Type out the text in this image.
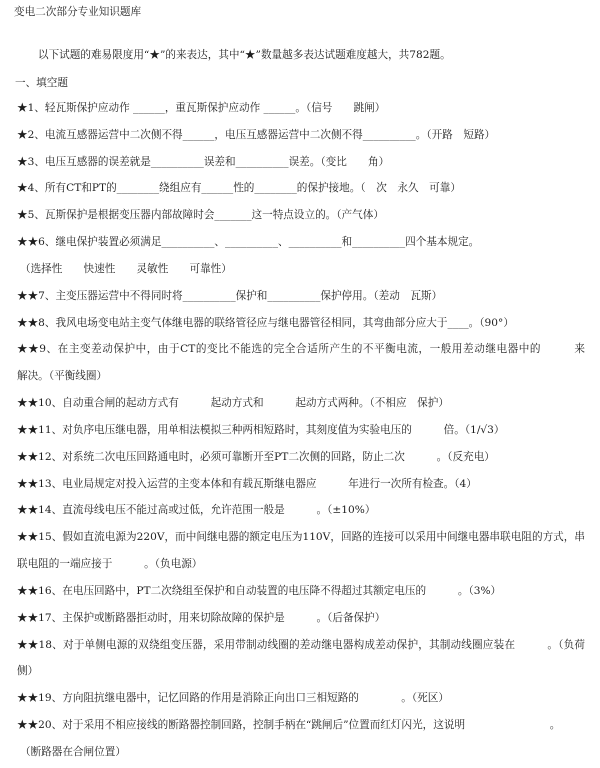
变电二次部分专业知识题库
以下试题的难易限度用“★”的来表达，其中“★”数量越多表达试题难度越大，共782题。
一、填空题
★1、轻瓦斯保护应动作 ______，重瓦斯保护应动作 ______。（信号　　跳闸）
★2、电流互感器运营中二次侧不得______，电压互感器运营中二次侧不得__________。（开路　短路）
★3、电压互感器的误差就是__________误差和__________误差。（变比　　角）
★4、所有CT和PT的________绕组应有______性的________的保护接地。（　次　永久　可靠）
★5、瓦斯保护是根据变压器内部故障时会_______这一特点设立的。（产气体）
★★6、继电保护装置必须满足__________、__________、__________和__________四个基本规定。
（选择性　　快速性　　灵敏性　　可靠性）
★★7、主变压器运营中不得同时将__________保护和__________保护停用。（差动　瓦斯）
★★8、我风电场变电站主变气体继电器的联络管径应与继电器管径相同，其弯曲部分应大于____。（90°）
★★9、在主变差动保护中，由于CT的变比不能选的完全合适所产生的不平衡电流，一般用差动继电器中的　　　来
解决。（平衡线圈）
★★10、自动重合闸的起动方式有　　　起动方式和　　　起动方式两种。（不相应　保护）
★★11、对负序电压继电器，用单相法模拟三种两相短路时，其刻度值为实验电压的　　　倍。（1/√3）
★★12、对系统二次电压回路通电时，必须可靠断开至PT二次侧的回路，防止二次　　　。（反充电）
★★13、电业局规定对投入运营的主变本体和有载瓦斯继电器应　　　年进行一次所有检查。（4）
★★14、直流母线电压不能过高或过低，允许范围一般是　　　。（±10%）
★★15、假如直流电源为220V，而中间继电器的额定电压为110V，回路的连接可以采用中间继电器串联电阻的方式，串
联电阻的一端应接于　　　。（负电源）
★★16、在电压回路中，PT二次绕组至保护和自动装置的电压降不得超过其额定电压的　　　。（3%）
★★17、主保护或断路器拒动时，用来切除故障的保护是　　　。（后备保护）
★★18、对于单侧电源的双绕组变压器，采用带制动线圈的差动继电器构成差动保护，其制动线圈应装在　　　。（负荷
侧）
★★19、方向阻抗继电器中，记忆回路的作用是消除正向出口三相短路的　　　　。（死区）
★★20、对于采用不相应接线的断路器控制回路，控制手柄在“跳闸后”位置而红灯闪光，这说明　　　　　　　　。
（断路器在合闸位置）
